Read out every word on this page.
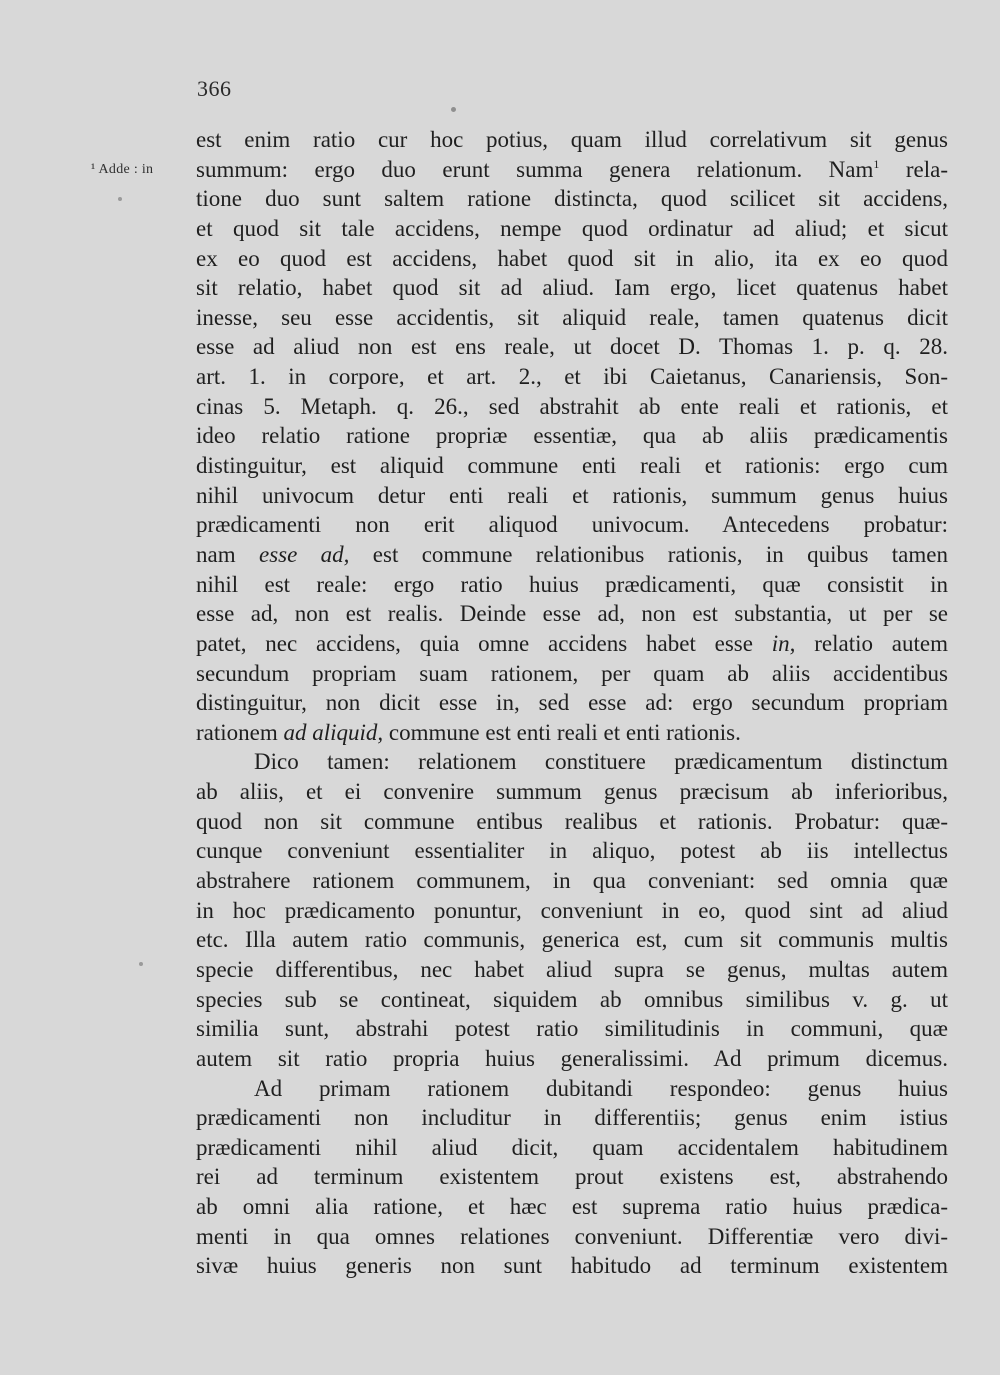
366
¹ Adde : in
est enim ratio cur hoc potius, quam illud correlativum sit genus
summum: ergo duo erunt summa genera relationum. Nam$^1$ rela-
tione duo sunt saltem ratione distincta, quod scilicet sit accidens,
et quod sit tale accidens, nempe quod ordinatur ad aliud; et sicut
ex eo quod est accidens, habet quod sit in alio, ita ex eo quod
sit relatio, habet quod sit ad aliud. Iam ergo, licet quatenus habet
inesse, seu esse accidentis, sit aliquid reale, tamen quatenus dicit
esse ad aliud non est ens reale, ut docet D. Thomas 1. p. q. 28.
art. 1. in corpore, et art. 2., et ibi Caietanus, Canariensis, Son-
cinas 5. Metaph. q. 26., sed abstrahit ab ente reali et rationis, et
ideo relatio ratione propriæ essentiæ, qua ab aliis prædicamentis
distinguitur, est aliquid commune enti reali et rationis: ergo cum
nihil univocum detur enti reali et rationis, summum genus huius
prædicamenti non erit aliquod univocum. Antecedens probatur:
nam esse ad, est commune relationibus rationis, in quibus tamen
nihil est reale: ergo ratio huius prædicamenti, quæ consistit in
esse ad, non est realis. Deinde esse ad, non est substantia, ut per se
patet, nec accidens, quia omne accidens habet esse in, relatio autem
secundum propriam suam rationem, per quam ab aliis accidentibus
distinguitur, non dicit esse in, sed esse ad: ergo secundum propriam
rationem ad aliquid, commune est enti reali et enti rationis.
Dico tamen: relationem constituere prædicamentum distinctum
ab aliis, et ei convenire summum genus præcisum ab inferioribus,
quod non sit commune entibus realibus et rationis. Probatur: quæ-
cunque conveniunt essentialiter in aliquo, potest ab iis intellectus
abstrahere rationem communem, in qua conveniant: sed omnia quæ
in hoc prædicamento ponuntur, conveniunt in eo, quod sint ad aliud
etc. Illa autem ratio communis, generica est, cum sit communis multis
specie differentibus, nec habet aliud supra se genus, multas autem
species sub se contineat, siquidem ab omnibus similibus v. g. ut
similia sunt, abstrahi potest ratio similitudinis in communi, quæ
autem sit ratio propria huius generalissimi. Ad primum dicemus.
Ad primam rationem dubitandi respondeo: genus huius
prædicamenti non includitur in differentiis; genus enim istius
prædicamenti nihil aliud dicit, quam accidentalem habitudinem
rei ad terminum existentem prout existens est, abstrahendo
ab omni alia ratione, et hæc est suprema ratio huius prædica-
menti in qua omnes relationes conveniunt. Differentiæ vero divi-
sivæ huius generis non sunt habitudo ad terminum existentem
